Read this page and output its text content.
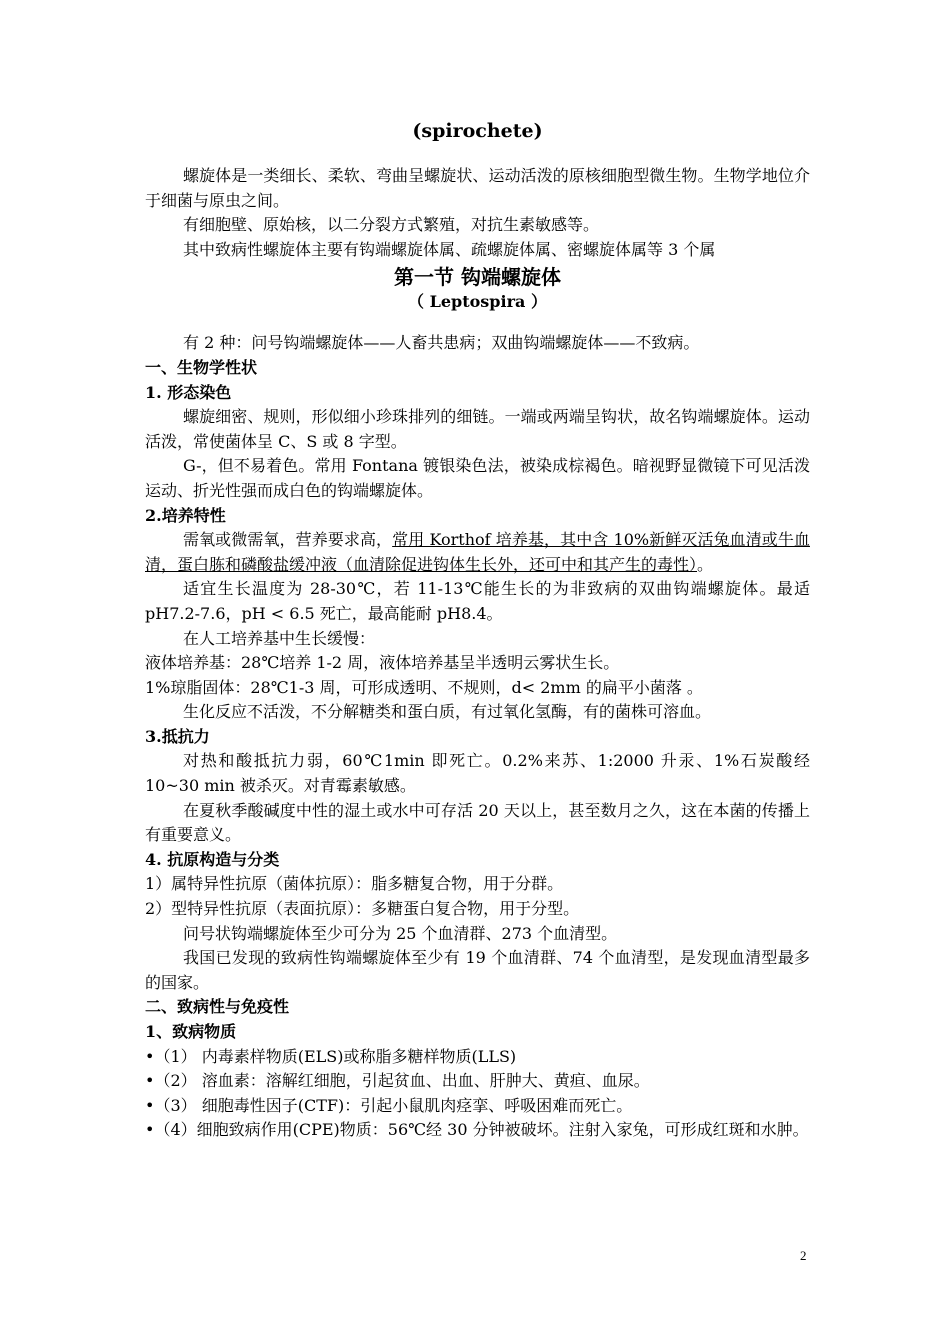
(spirochete)

螺旋体是一类细长、柔软、弯曲呈螺旋状、运动活泼的原核细胞型微生物。生物学地位介于细菌与原虫之间。

有细胞壁、原始核，以二分裂方式繁殖，对抗生素敏感等。

其中致病性螺旋体主要有钩端螺旋体属、疏螺旋体属、密螺旋体属等 3 个属

第一节 钩端螺旋体

（ Leptospira ）

有 2 种：问号钩端螺旋体——人畜共患病；双曲钩端螺旋体——不致病。

一、生物学性状

1. 形态染色

螺旋细密、规则，形似细小珍珠排列的细链。一端或两端呈钩状，故名钩端螺旋体。运动活泼，常使菌体呈 C、S 或 8 字型。

G-，但不易着色。常用 Fontana 镀银染色法，被染成棕褐色。暗视野显微镜下可见活泼运动、折光性强而成白色的钩端螺旋体。

2.培养特性

需氧或微需氧，营养要求高，常用 Korthof 培养基，其中含 10%新鲜灭活兔血清或牛血清，蛋白胨和磷酸盐缓冲液（血清除促进钩体生长外，还可中和其产生的毒性）。

适宜生长温度为 28-30℃，若 11-13℃能生长的为非致病的双曲钩端螺旋体。最适 pH7.2-7.6，pH < 6.5 死亡，最高能耐 pH8.4。

在人工培养基中生长缓慢：

液体培养基：28℃培养 1-2 周，液体培养基呈半透明云雾状生长。

1%琼脂固体：28℃1-3 周，可形成透明、不规则，d< 2mm 的扁平小菌落 。

生化反应不活泼，不分解糖类和蛋白质，有过氧化氢酶，有的菌株可溶血。

3.抵抗力

对热和酸抵抗力弱，60℃1min 即死亡。0.2%来苏、1:2000 升汞、1%石炭酸经 10~30 min 被杀灭。对青霉素敏感。

在夏秋季酸碱度中性的湿土或水中可存活 20 天以上，甚至数月之久，这在本菌的传播上有重要意义。

4. 抗原构造与分类

1）属特异性抗原（菌体抗原）：脂多糖复合物，用于分群。

2）型特异性抗原（表面抗原）：多糖蛋白复合物，用于分型。

问号状钩端螺旋体至少可分为 25 个血清群、273 个血清型。

我国已发现的致病性钩端螺旋体至少有 19 个血清群、74 个血清型，是发现血清型最多的国家。

二、致病性与免疫性

1、致病物质

•（1） 内毒素样物质(ELS)或称脂多糖样物质(LLS)

•（2） 溶血素：溶解红细胞，引起贫血、出血、肝肿大、黄疸、血尿。

•（3） 细胞毒性因子(CTF)：引起小鼠肌肉痉挛、呼吸困难而死亡。

•（4）细胞致病作用(CPE)物质：56℃经 30 分钟被破坏。注射入家兔，可形成红斑和水肿。

2
